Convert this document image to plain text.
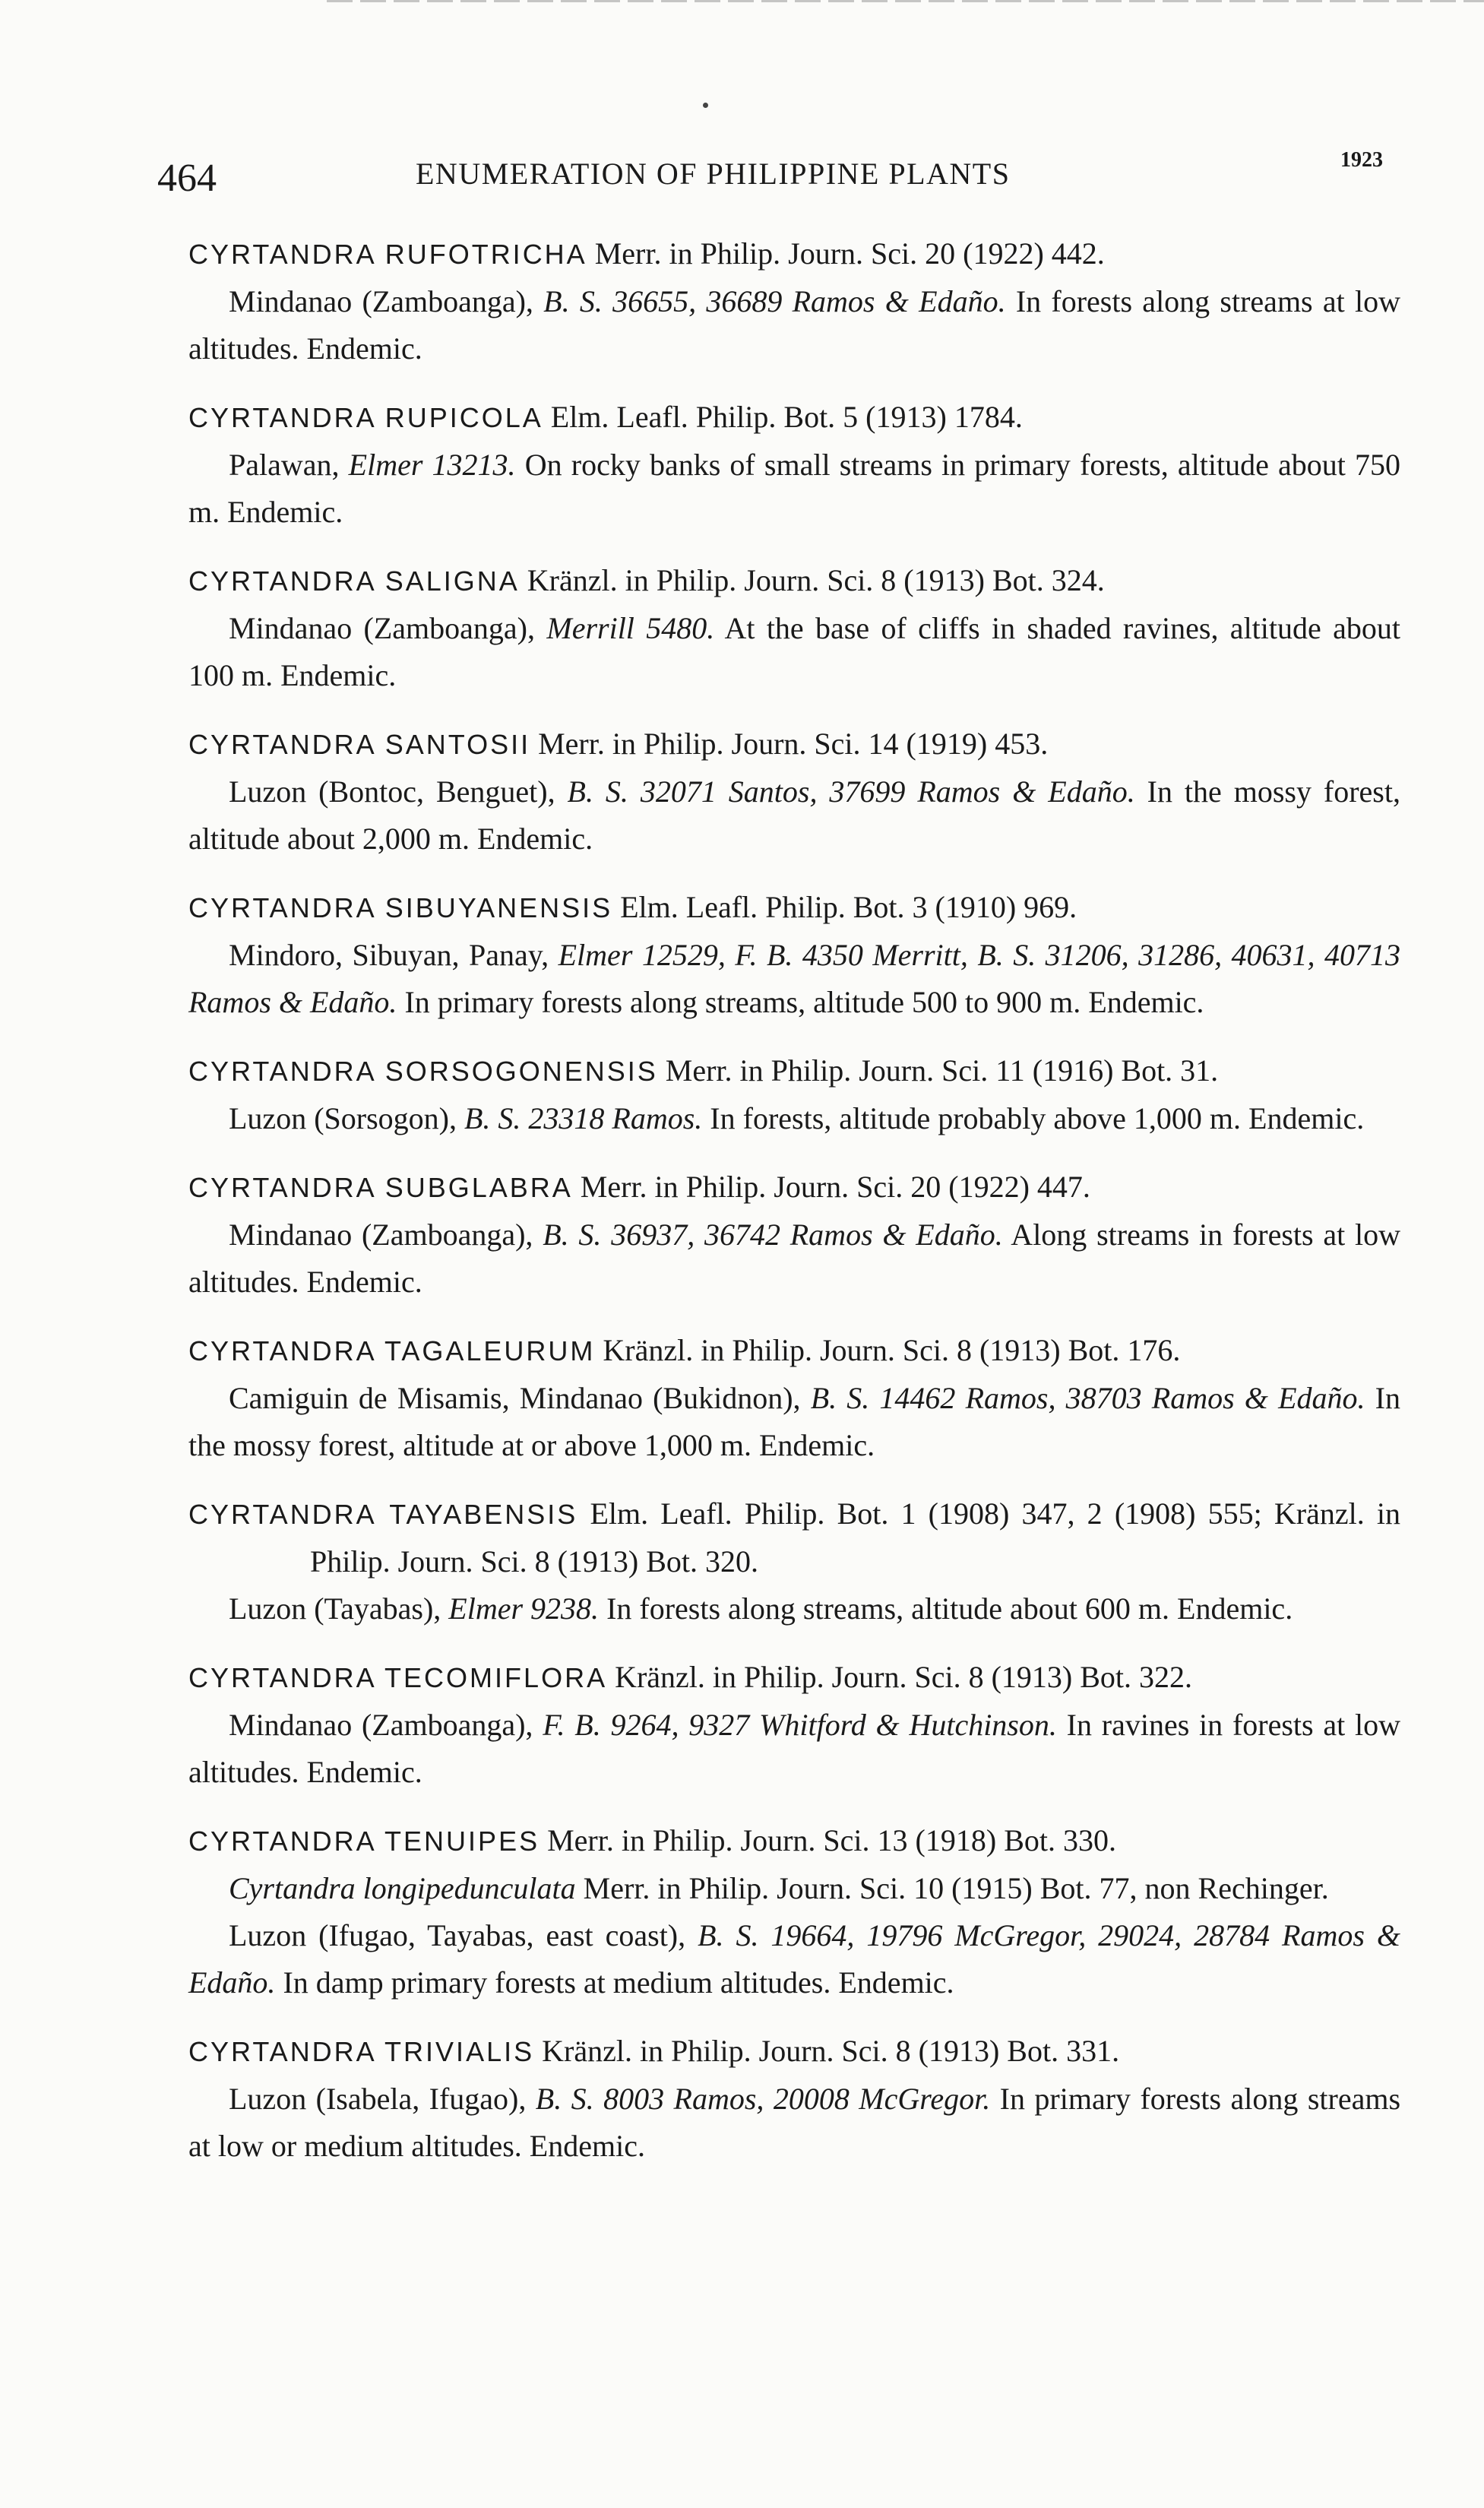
464	ENUMERATION OF PHILIPPINE PLANTS	1923
CYRTANDRA RUFOTRICHA Merr. in Philip. Journ. Sci. 20 (1922) 442.
Mindanao (Zamboanga), B. S. 36655, 36689 Ramos & Edaño. In forests along streams at low altitudes. Endemic.
CYRTANDRA RUPICOLA Elm. Leafl. Philip. Bot. 5 (1913) 1784.
Palawan, Elmer 13213. On rocky banks of small streams in primary forests, altitude about 750 m. Endemic.
CYRTANDRA SALIGNA Kränzl. in Philip. Journ. Sci. 8 (1913) Bot. 324.
Mindanao (Zamboanga), Merrill 5480. At the base of cliffs in shaded ravines, altitude about 100 m. Endemic.
CYRTANDRA SANTOSII Merr. in Philip. Journ. Sci. 14 (1919) 453.
Luzon (Bontoc, Benguet), B. S. 32071 Santos, 37699 Ramos & Edaño. In the mossy forest, altitude about 2,000 m. Endemic.
CYRTANDRA SIBUYANENSIS Elm. Leafl. Philip. Bot. 3 (1910) 969.
Mindoro, Sibuyan, Panay, Elmer 12529, F. B. 4350 Merritt, B. S. 31206, 31286, 40631, 40713 Ramos & Edaño. In primary forests along streams, altitude 500 to 900 m. Endemic.
CYRTANDRA SORSOGONENSIS Merr. in Philip. Journ. Sci. 11 (1916) Bot. 31.
Luzon (Sorsogon), B. S. 23318 Ramos. In forests, altitude probably above 1,000 m. Endemic.
CYRTANDRA SUBGLABRA Merr. in Philip. Journ. Sci. 20 (1922) 447.
Mindanao (Zamboanga), B. S. 36937, 36742 Ramos & Edaño. Along streams in forests at low altitudes. Endemic.
CYRTANDRA TAGALEURUM Kränzl. in Philip. Journ. Sci. 8 (1913) Bot. 176.
Camiguin de Misamis, Mindanao (Bukidnon), B. S. 14462 Ramos, 38703 Ramos & Edaño. In the mossy forest, altitude at or above 1,000 m. Endemic.
CYRTANDRA TAYABENSIS Elm. Leafl. Philip. Bot. 1 (1908) 347, 2 (1908) 555; Kränzl. in Philip. Journ. Sci. 8 (1913) Bot. 320.
Luzon (Tayabas), Elmer 9238. In forests along streams, altitude about 600 m. Endemic.
CYRTANDRA TECOMIFLORA Kränzl. in Philip. Journ. Sci. 8 (1913) Bot. 322.
Mindanao (Zamboanga), F. B. 9264, 9327 Whitford & Hutchinson. In ravines in forests at low altitudes. Endemic.
CYRTANDRA TENUIPES Merr. in Philip. Journ. Sci. 13 (1918) Bot. 330.
Cyrtandra longipedunculata Merr. in Philip. Journ. Sci. 10 (1915) Bot. 77, non Rechinger.
Luzon (Ifugao, Tayabas, east coast), B. S. 19664, 19796 McGregor, 29024, 28784 Ramos & Edaño. In damp primary forests at medium altitudes. Endemic.
CYRTANDRA TRIVIALIS Kränzl. in Philip. Journ. Sci. 8 (1913) Bot. 331.
Luzon (Isabela, Ifugao), B. S. 8003 Ramos, 20008 McGregor. In primary forests along streams at low or medium altitudes. Endemic.
